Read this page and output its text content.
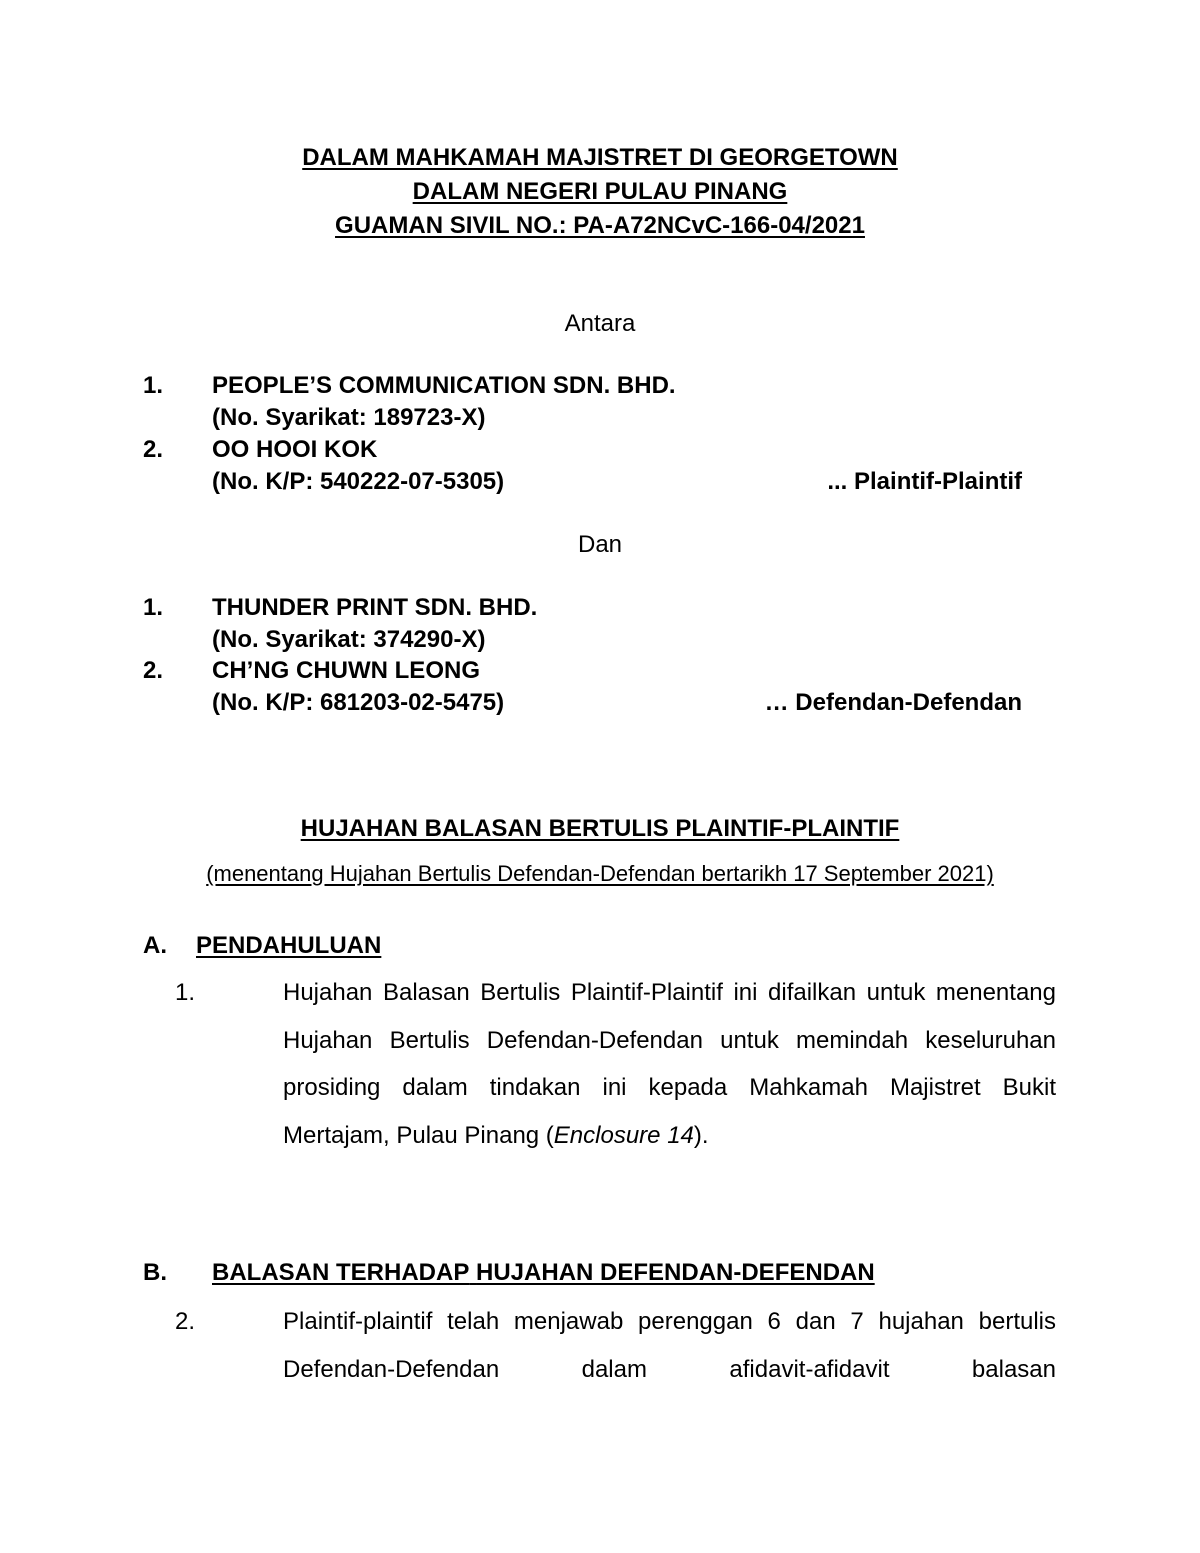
DALAM MAHKAMAH MAJISTRET DI GEORGETOWN
DALAM NEGERI PULAU PINANG
GUAMAN SIVIL NO.: PA-A72NCvC-166-04/2021
Antara
1. PEOPLE’S COMMUNICATION SDN. BHD.
(No. Syarikat: 189723-X)
2. OO HOOI KOK
(No. K/P: 540222-07-5305)	... Plaintif-Plaintif
Dan
1. THUNDER PRINT SDN. BHD.
(No. Syarikat: 374290-X)
2. CH’NG CHUWN LEONG
(No. K/P: 681203-02-5475)	… Defendan-Defendan
HUJAHAN BALASAN BERTULIS PLAINTIF-PLAINTIF
(menentang Hujahan Bertulis Defendan-Defendan bertarikh 17 September 2021)
A. PENDAHULUAN
1.	Hujahan Balasan Bertulis Plaintif-Plaintif ini difailkan untuk menentang Hujahan Bertulis Defendan-Defendan untuk memindah keseluruhan prosiding dalam tindakan ini kepada Mahkamah Majistret Bukit Mertajam, Pulau Pinang (Enclosure 14).
B. BALASAN TERHADAP HUJAHAN DEFENDAN-DEFENDAN
2.	Plaintif-plaintif telah menjawab perenggan 6 dan 7 hujahan bertulis Defendan-Defendan dalam afidavit-afidavit balasan
